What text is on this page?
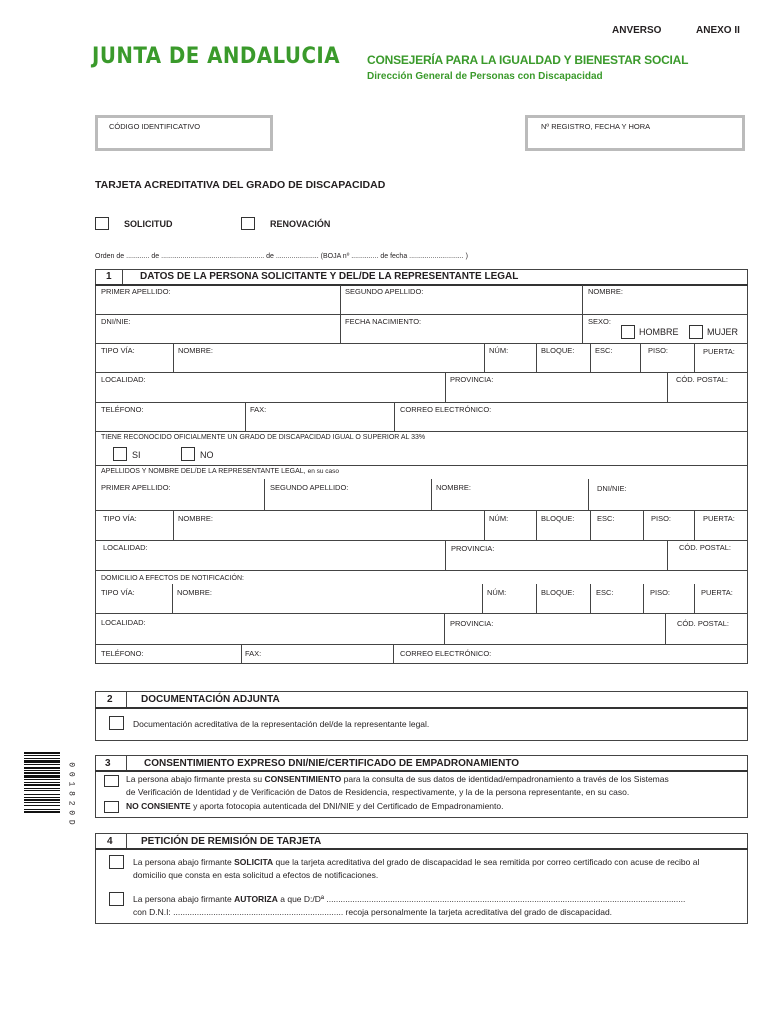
ANVERSO	ANEXO II
JUNTA DE ANDALUCIA CONSEJERÍA PARA LA IGUALDAD Y BIENESTAR SOCIAL
Dirección General de Personas con Discapacidad
CÓDIGO IDENTIFICATIVO	Nº REGISTRO, FECHA Y HORA
TARJETA ACREDITATIVA DEL GRADO DE DISCAPACIDAD
SOLICITUD	RENOVACIÓN
Orden de ............ de ..................................................... de ...................... (BOJA nº .............. de fecha ............................ )
1	DATOS DE LA PERSONA SOLICITANTE Y DEL/DE LA REPRESENTANTE LEGAL
PRIMER APELLIDO:	SEGUNDO APELLIDO:	NOMBRE:
DNI/NIE:	FECHA NACIMIENTO:	SEXO:
HOMBRE	MUJER
TIPO VÍA:	NOMBRE:	NÚM:	BLOQUE:	ESC:	PISO:	PUERTA:
LOCALIDAD:	PROVINCIA:	CÓD. POSTAL:
TELÉFONO:	FAX:	CORREO ELECTRÓNICO:
TIENE RECONOCIDO OFICIALMENTE UN GRADO DE DISCAPACIDAD IGUAL O SUPERIOR AL 33%
SI	NO
APELLIDOS Y NOMBRE DEL/DE LA REPRESENTANTE LEGAL, en su caso
PRIMER APELLIDO:	SEGUNDO APELLIDO:	NOMBRE:	DNI/NIE:
TIPO VÍA:	NOMBRE:	NÚM:	BLOQUE:	ESC:	PISO:	PUERTA:
LOCALIDAD:	PROVINCIA:	CÓD. POSTAL:
DOMICILIO A EFECTOS DE NOTIFICACIÓN:
TIPO VÍA:	NOMBRE:	NÚM:	BLOQUE:	ESC:	PISO:	PUERTA:
LOCALIDAD:	PROVINCIA:	CÓD. POSTAL:
TELÉFONO:	FAX:	CORREO ELECTRÓNICO:
2	DOCUMENTACIÓN ADJUNTA
Documentación acreditativa de la representación del/de la representante legal.
0 0 1 8 2 0 D	3	CONSENTIMIENTO EXPRESO DNI/NIE/CERTIFICADO DE EMPADRONAMIENTO
La persona abajo firmante presta su CONSENTIMIENTO para la consulta de sus datos de identidad/empadronamiento a través de los Sistemas
de Verificación de Identidad y de Verificación de Datos de Residencia, respectivamente, y la de la persona representante, en su caso.
NO CONSIENTE y aporta fotocopia autenticada del DNI/NIE y del Certificado de Empadronamiento.
4	PETICIÓN DE REMISIÓN DE TARJETA
La persona abajo firmante SOLICITA que la tarjeta acreditativa del grado de discapacidad le sea remitida por correo certificado con acuse de recibo al
domicilio que consta en esta solicitud a efectos de notificaciones.
La persona abajo firmante AUTORIZA a que D:/Dª ........................................................................................................................................................
con D.N.I: ........................................................................ recoja personalmente la tarjeta acreditativa del grado de discapacidad.
